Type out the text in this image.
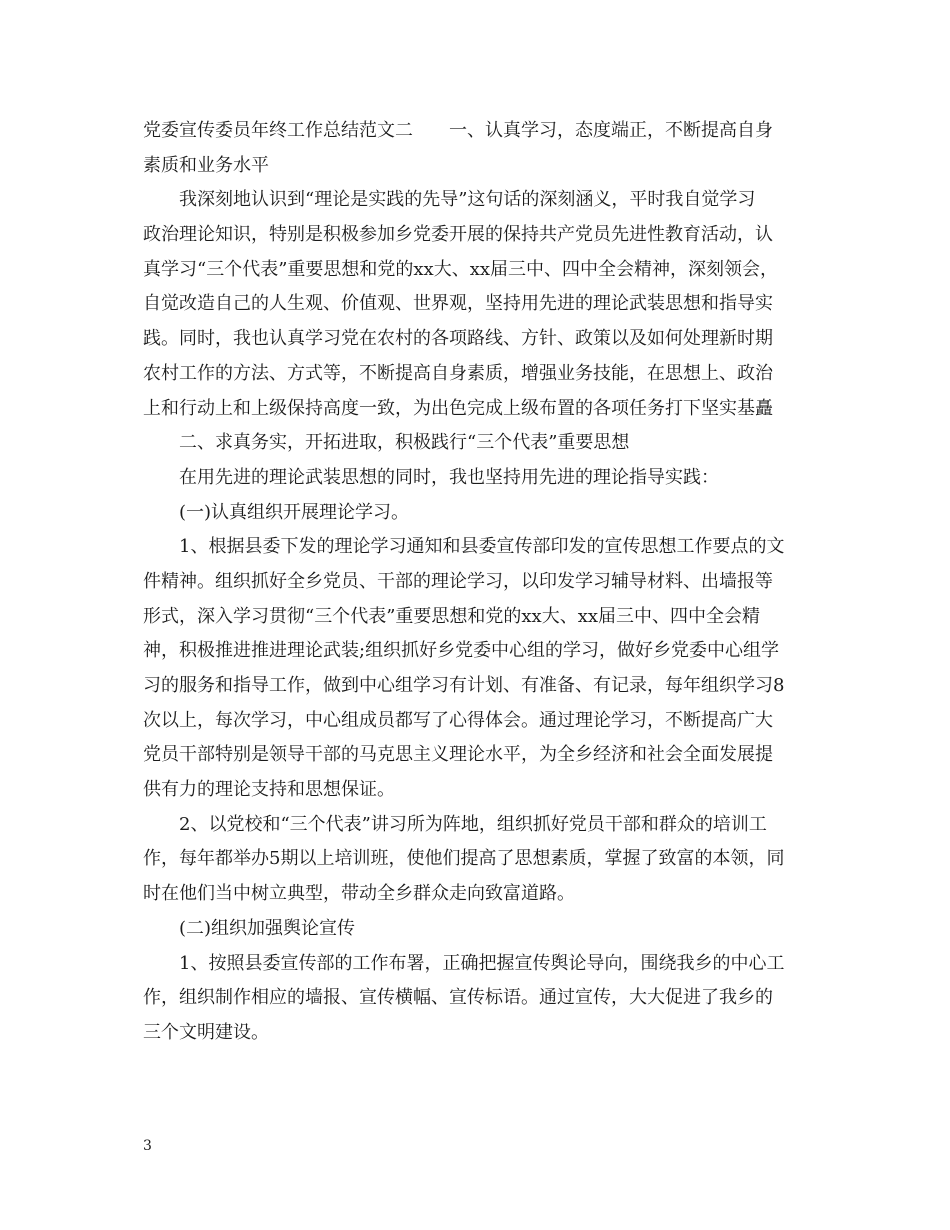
党委宣传委员年终工作总结范文二　　一、认真学习，态度端正，不断提高自身
素质和业务水平
我深刻地认识到“理论是实践的先导”这句话的深刻涵义，平时我自觉学习
政治理论知识，特别是积极参加乡党委开展的保持共产党员先进性教育活动，认
真学习“三个代表”重要思想和党的xx大、xx届三中、四中全会精神，深刻领会，
自觉改造自己的人生观、价值观、世界观，坚持用先进的理论武装思想和指导实
践。同时，我也认真学习党在农村的各项路线、方针、政策以及如何处理新时期
农村工作的方法、方式等，不断提高自身素质，增强业务技能，在思想上、政治
上和行动上和上级保持高度一致，为出色完成上级布置的各项任务打下坚实基矗
二、求真务实，开拓进取，积极践行“三个代表”重要思想
在用先进的理论武装思想的同时，我也坚持用先进的理论指导实践：
(一)认真组织开展理论学习。
1、根据县委下发的理论学习通知和县委宣传部印发的宣传思想工作要点的文
件精神。组织抓好全乡党员、干部的理论学习，以印发学习辅导材料、出墙报等
形式，深入学习贯彻“三个代表”重要思想和党的xx大、xx届三中、四中全会精
神，积极推进推进理论武装;组织抓好乡党委中心组的学习，做好乡党委中心组学
习的服务和指导工作，做到中心组学习有计划、有准备、有记录，每年组织学习8
次以上，每次学习，中心组成员都写了心得体会。通过理论学习，不断提高广大
党员干部特别是领导干部的马克思主义理论水平，为全乡经济和社会全面发展提
供有力的理论支持和思想保证。
2、以党校和“三个代表”讲习所为阵地，组织抓好党员干部和群众的培训工
作，每年都举办5期以上培训班，使他们提高了思想素质，掌握了致富的本领，同
时在他们当中树立典型，带动全乡群众走向致富道路。
(二)组织加强舆论宣传
1、按照县委宣传部的工作布署，正确把握宣传舆论导向，围绕我乡的中心工
作，组织制作相应的墙报、宣传横幅、宣传标语。通过宣传，大大促进了我乡的
三个文明建设。
3
